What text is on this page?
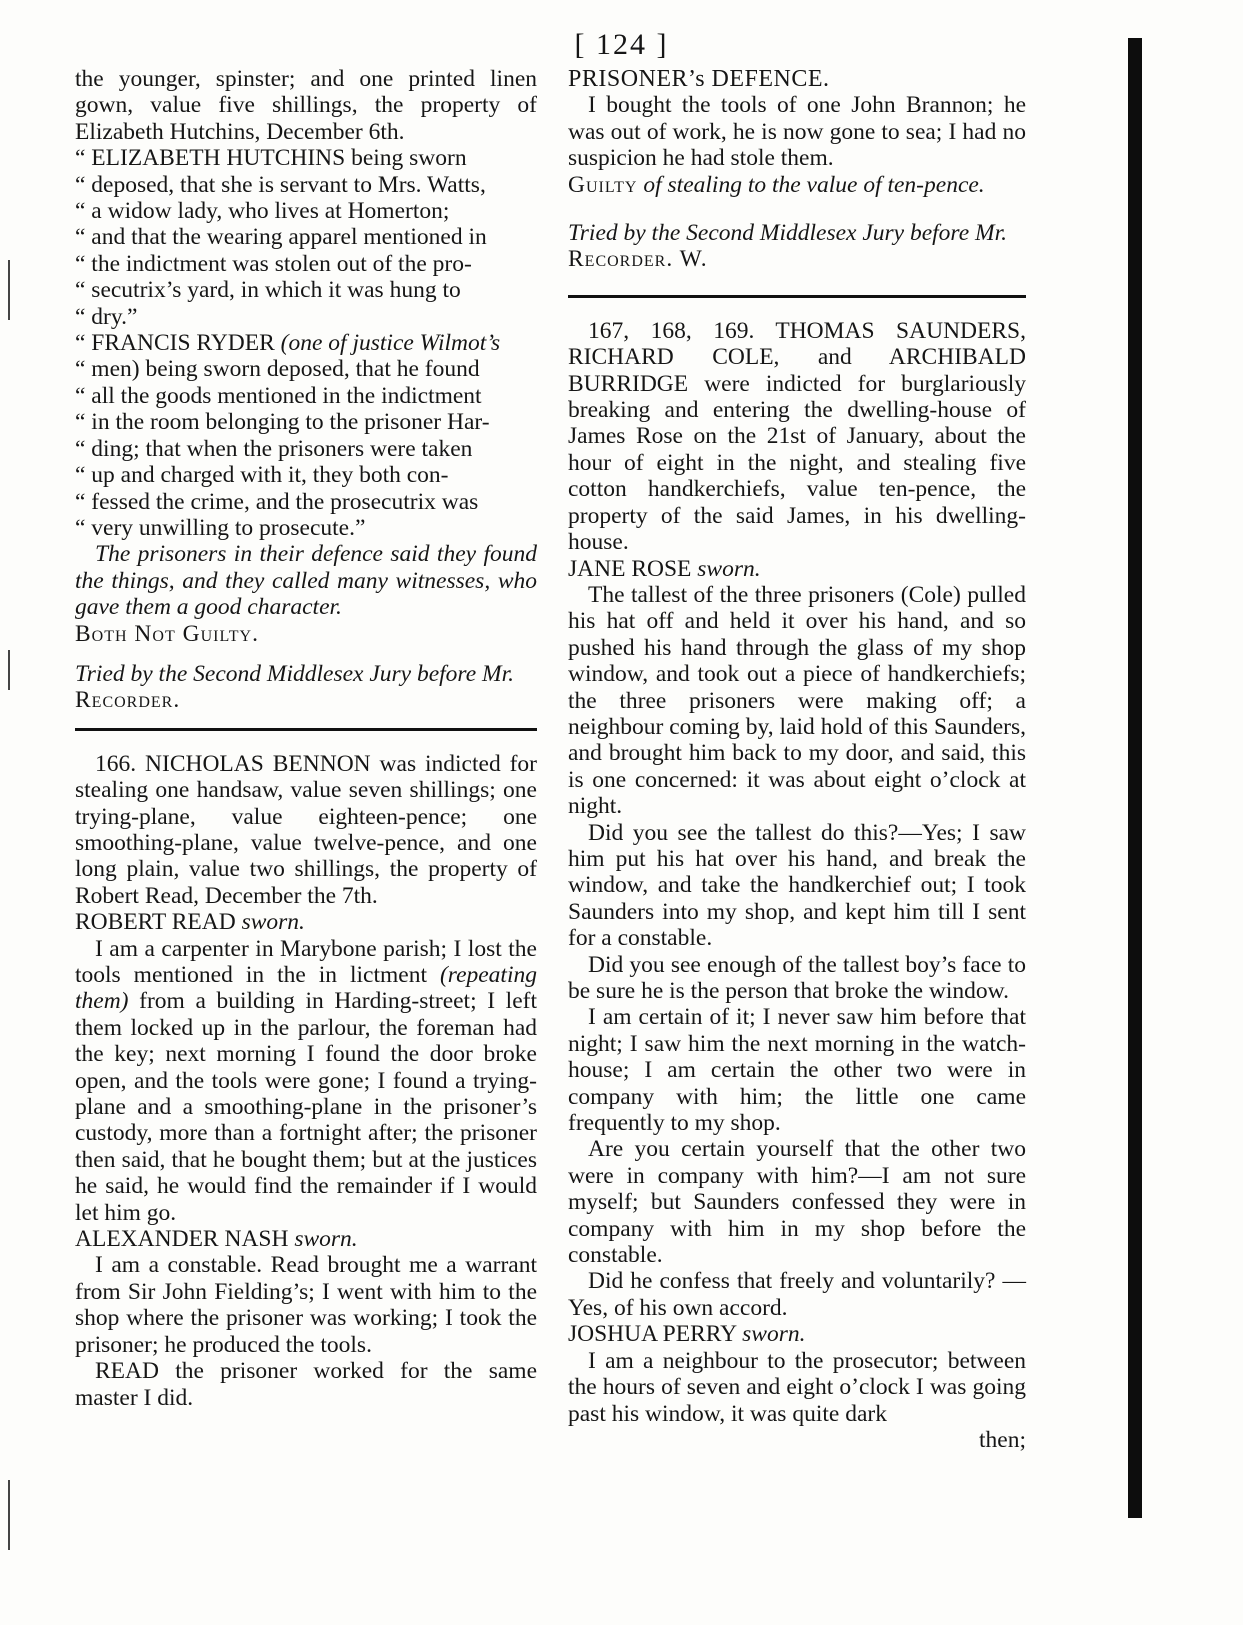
[ 124 ]

the younger, spinster; and one printed linen gown, value five shillings, the property of Elizabeth Hutchins, December 6th.

“ ELIZABETH HUTCHINS being sworn
“ deposed, that she is servant to Mrs. Watts,
“ a widow lady, who lives at Homerton;
“ and that the wearing apparel mentioned in
“ the indictment was stolen out of the pro-
“ secutrix’s yard, in which it was hung to
“ dry.”
“ FRANCIS RYDER (one of justice Wilmot’s
“ men) being sworn deposed, that he found
“ all the goods mentioned in the indictment
“ in the room belonging to the prisoner Har-
“ ding; that when the prisoners were taken
“ up and charged with it, they both con-
“ fessed the crime, and the prosecutrix was
“ very unwilling to prosecute.”

The prisoners in their defence said they found the things, and they called many witnesses, who gave them a good character.

Both Not Guilty.

Tried by the Second Middlesex Jury before Mr.

Recorder.

166. NICHOLAS BENNON was indicted for stealing one handsaw, value seven shillings; one trying-plane, value eighteen-pence; one smoothing-plane, value twelve-pence, and one long plain, value two shillings, the property of Robert Read, December the 7th.

ROBERT READ sworn.

I am a carpenter in Marybone parish; I lost the tools mentioned in the in lictment (repeating them) from a building in Harding-street; I left them locked up in the parlour, the foreman had the key; next morning I found the door broke open, and the tools were gone; I found a trying-plane and a smoothing-plane in the prisoner’s custody, more than a fortnight after; the prisoner then said, that he bought them; but at the justices he said, he would find the remainder if I would let him go.

ALEXANDER NASH sworn.

I am a constable. Read brought me a warrant from Sir John Fielding’s; I went with him to the shop where the prisoner was working; I took the prisoner; he produced the tools.

READ the prisoner worked for the same master I did.

PRISONER’s DEFENCE.

I bought the tools of one John Brannon; he was out of work, he is now gone to sea; I had no suspicion he had stole them.

Guilty of stealing to the value of ten-pence.

Tried by the Second Middlesex Jury before Mr.

Recorder. W.

167, 168, 169. THOMAS SAUNDERS, RICHARD COLE, and ARCHIBALD BURRIDGE were indicted for burglariously breaking and entering the dwelling-house of James Rose on the 21st of January, about the hour of eight in the night, and stealing five cotton handkerchiefs, value ten-pence, the property of the said James, in his dwelling-house.

JANE ROSE sworn.

The tallest of the three prisoners (Cole) pulled his hat off and held it over his hand, and so pushed his hand through the glass of my shop window, and took out a piece of handkerchiefs; the three prisoners were making off; a neighbour coming by, laid hold of this Saunders, and brought him back to my door, and said, this is one concerned: it was about eight o’clock at night.

Did you see the tallest do this?—Yes; I saw him put his hat over his hand, and break the window, and take the handkerchief out; I took Saunders into my shop, and kept him till I sent for a constable.

Did you see enough of the tallest boy’s face to be sure he is the person that broke the window.

I am certain of it; I never saw him before that night; I saw him the next morning in the watch-house; I am certain the other two were in company with him; the little one came frequently to my shop.

Are you certain yourself that the other two were in company with him?—I am not sure myself; but Saunders confessed they were in company with him in my shop before the constable.

Did he confess that freely and voluntarily? —Yes, of his own accord.

JOSHUA PERRY sworn.

I am a neighbour to the prosecutor; between the hours of seven and eight o’clock I was going past his window, it was quite dark

then;
